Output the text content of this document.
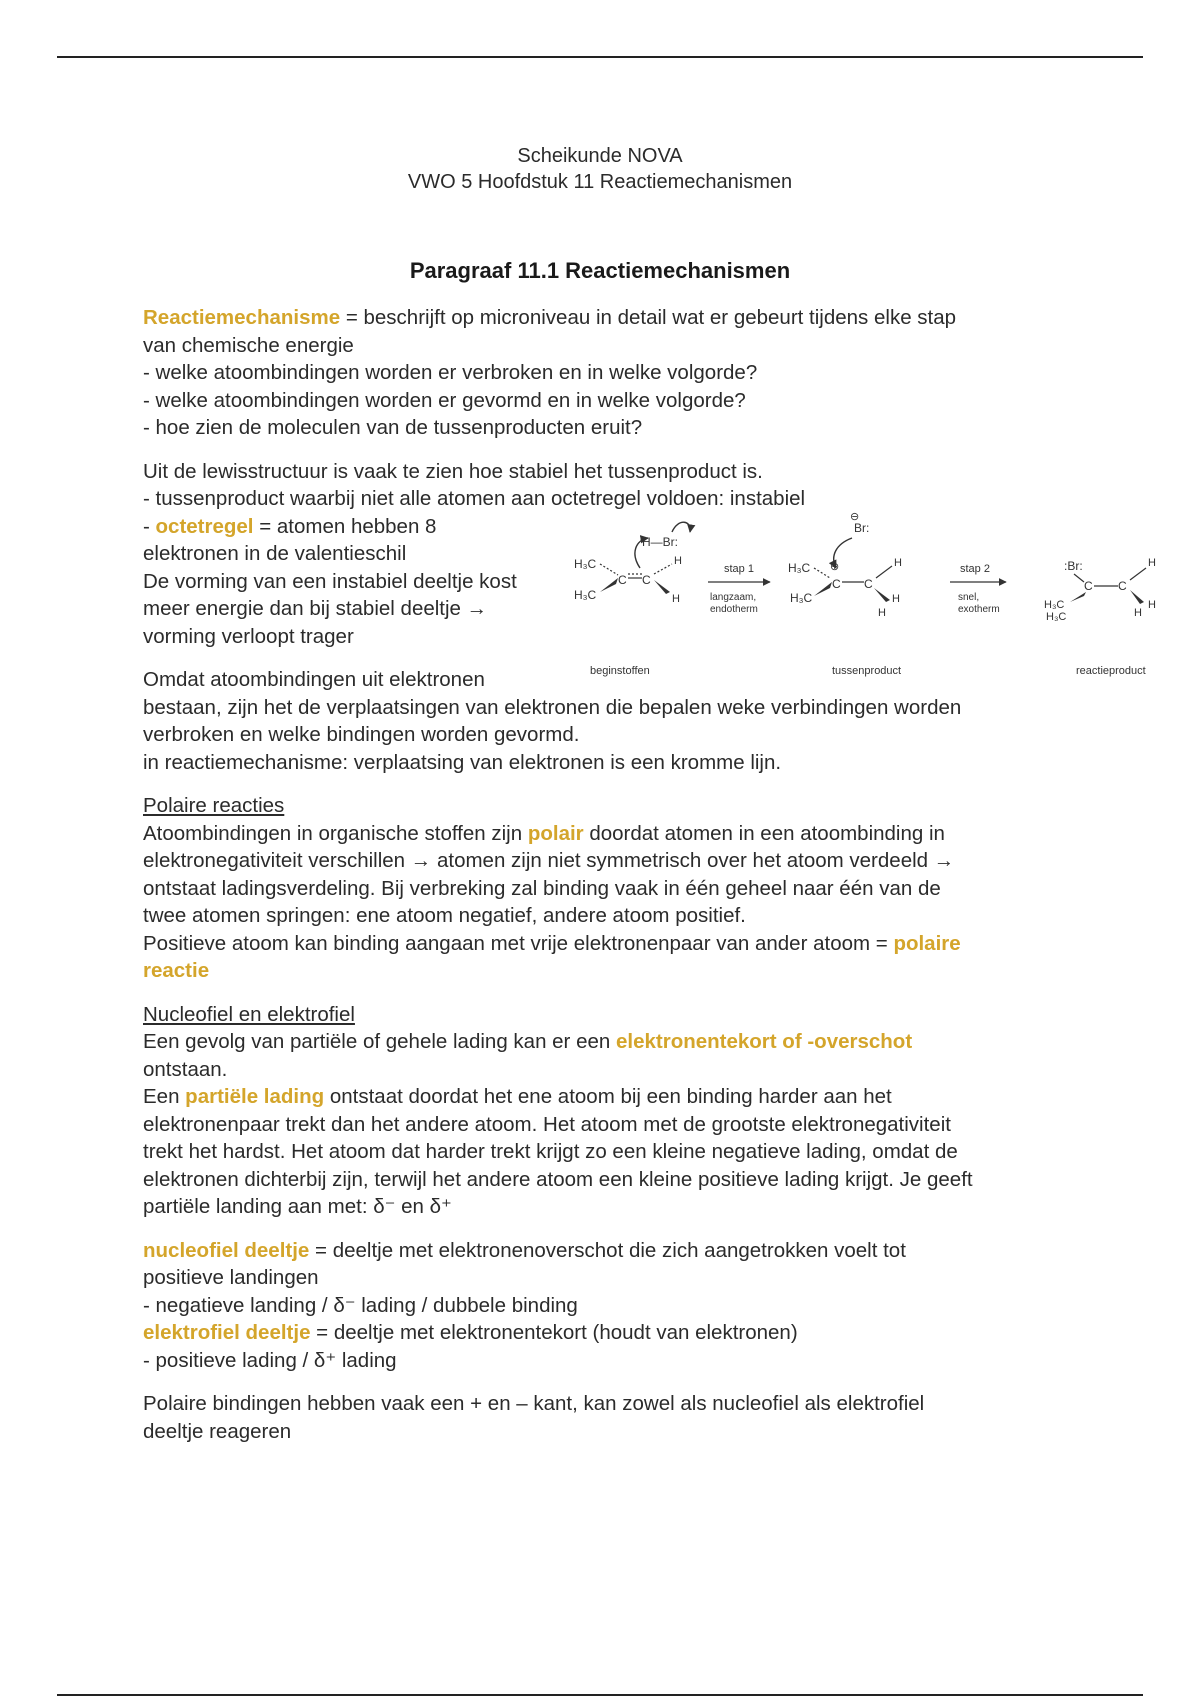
Scheikunde NOVA
VWO 5 Hoofdstuk 11 Reactiemechanismen
Paragraaf 11.1 Reactiemechanismen

Reactiemechanisme = beschrijft op microniveau in detail wat er gebeurt tijdens elke stap

van chemische energie

- welke atoombindingen worden er verbroken en in welke volgorde?

- welke atoombindingen worden er gevormd en in welke volgorde?

- hoe zien de moleculen van de tussenproducten eruit?

Uit de lewisstructuur is vaak te zien hoe stabiel het tussenproduct is.

- tussenproduct waarbij niet alle atomen aan octetregel voldoen: instabiel

- octetregel = atomen hebben 8

elektronen in de valentieschil

De vorming van een instabiel deeltje kost

meer energie dan bij stabiel deeltje →

vorming verloopt trager

Omdat atoombindingen uit elektronen

bestaan, zijn het de verplaatsingen van elektronen die bepalen weke verbindingen worden

verbroken en welke bindingen worden gevormd.

in reactiemechanisme: verplaatsing van elektronen is een kromme lijn.

Polaire reacties

Atoombindingen in organische stoffen zijn polair doordat atomen in een atoombinding in

elektronegativiteit verschillen → atomen zijn niet symmetrisch over het atoom verdeeld →

ontstaat ladingsverdeling. Bij verbreking zal binding vaak in één geheel naar één van de

twee atomen springen: ene atoom negatief, andere atoom positief.

Positieve atoom kan binding aangaan met vrije elektronenpaar van ander atoom = polaire

reactie

Nucleofiel en elektrofiel

Een gevolg van partiële of gehele lading kan er een elektronentekort of -overschot

ontstaan.

Een partiële lading ontstaat doordat het ene atoom bij een binding harder aan het

elektronenpaar trekt dan het andere atoom. Het atoom met de grootste elektronegativiteit

trekt het hardst. Het atoom dat harder trekt krijgt zo een kleine negatieve lading, omdat de

elektronen dichterbij zijn, terwijl het andere atoom een kleine positieve lading krijgt. Je geeft

partiële landing aan met: δ⁻ en δ⁺

nucleofiel deeltje = deeltje met elektronenoverschot die zich aangetrokken voelt tot

positieve landingen

- negatieve landing / δ⁻ lading / dubbele binding

elektrofiel deeltje = deeltje met elektronentekort (houdt van elektronen)

- positieve lading / δ⁺ lading

Polaire bindingen hebben vaak een + en – kant, kan zowel als nucleofiel als elektrofiel

deeltje reageren

H—Br:
H₃C
H₃C
C C
H
H
beginstoffen
stap 1
langzaam,
endotherm
⊖
Br:
H₃C
H₃C
⊕
C C
H
H
H
tussenproduct
stap 2
snel,
exotherm
:Br:
C C
H
H
H
H₃C
H₃C
reactieproduct
